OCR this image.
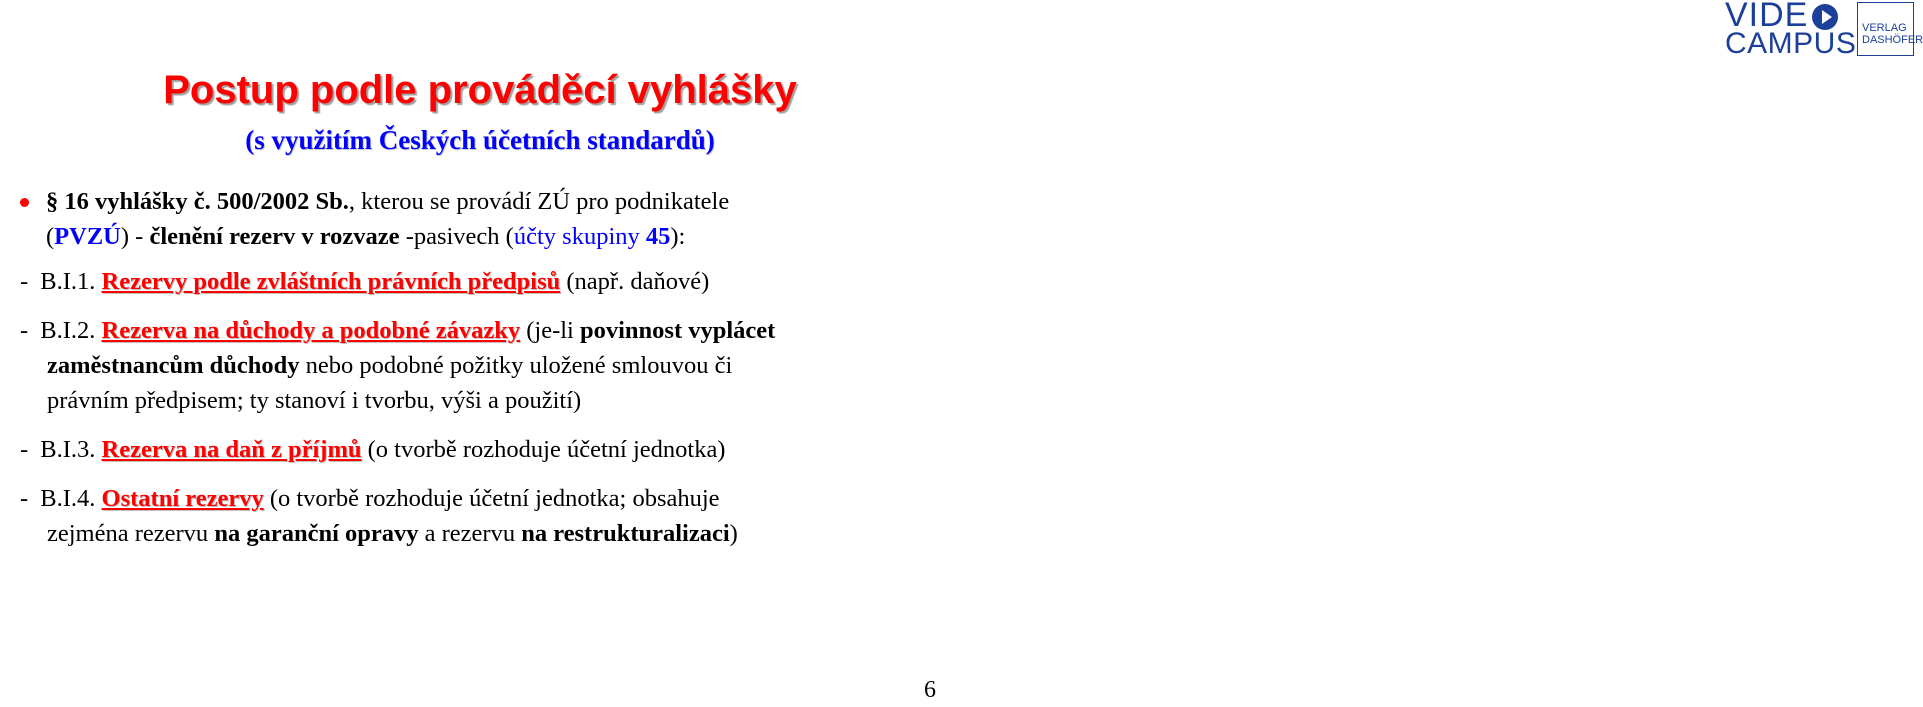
VIDE
CAMPUS VERLAG
DASHÖFER
Postup podle prováděcí vyhlášky
(s využitím Českých účetních standardů)
§ 16 vyhlášky č. 500/2002 Sb., kterou se provádí ZÚ pro podnikatele
(PVZÚ) - členění rezerv v rozvaze -pasivech (účty skupiny 45):
- B.I.1. Rezervy podle zvláštních právních předpisů (např. daňové)
- B.I.2. Rezerva na důchody a podobné závazky (je-li povinnost vyplácet
zaměstnancům důchody nebo podobné požitky uložené smlouvou či
právním předpisem; ty stanoví i tvorbu, výši a použití)
- B.I.3. Rezerva na daň z příjmů (o tvorbě rozhoduje účetní jednotka)
- B.I.4. Ostatní rezervy (o tvorbě rozhoduje účetní jednotka; obsahuje
zejména rezervu na garanční opravy a rezervu na restrukturalizaci)
6
